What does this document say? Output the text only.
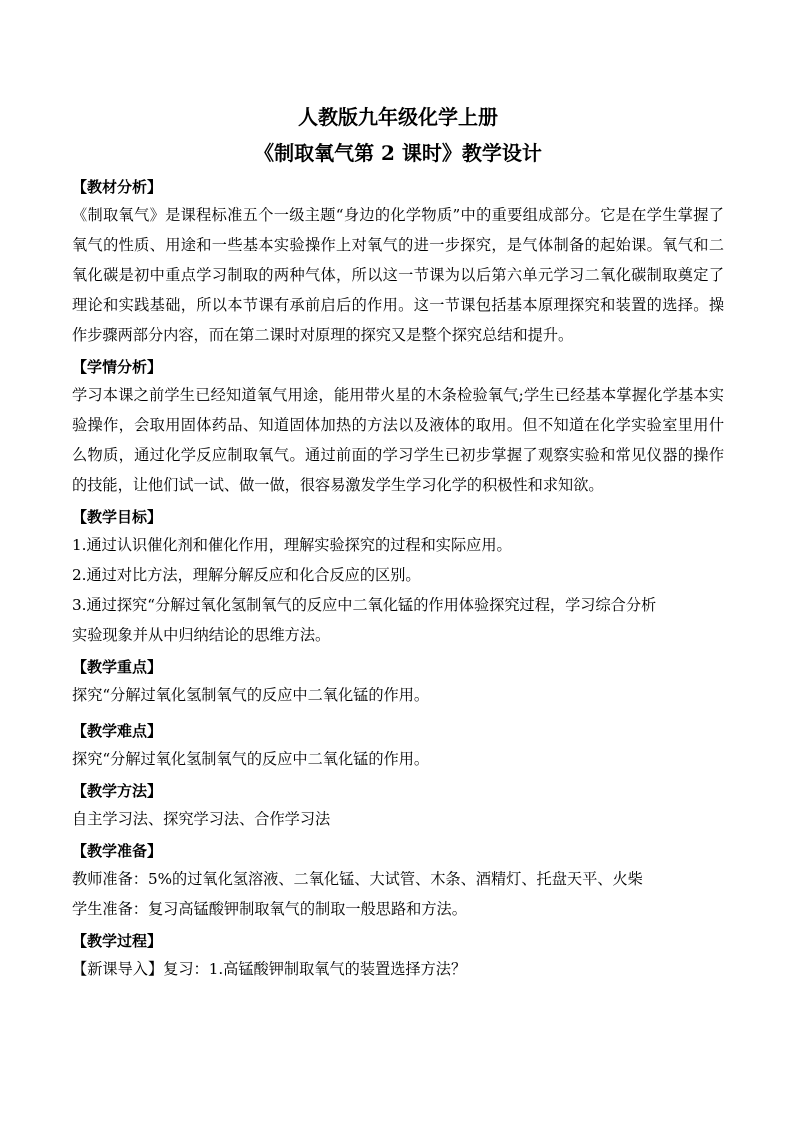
人教版九年级化学上册

《制取氧气第 2 课时》教学设计

【教材分析】

《制取氧气》是课程标准五个一级主题“身边的化学物质”中的重要组成部分。它是在学生掌握了氧气的性质、用途和一些基本实验操作上对氧气的进一步探究，是气体制备的起始课。氧气和二氧化碳是初中重点学习制取的两种气体，所以这一节课为以后第六单元学习二氧化碳制取奠定了理论和实践基础，所以本节课有承前启后的作用。这一节课包括基本原理探究和装置的选择。操作步骤两部分内容，而在第二课时对原理的探究又是整个探究总结和提升。

【学情分析】

学习本课之前学生已经知道氧气用途，能用带火星的木条检验氧气;学生已经基本掌握化学基本实验操作，会取用固体药品、知道固体加热的方法以及液体的取用。但不知道在化学实验室里用什么物质，通过化学反应制取氧气。通过前面的学习学生已初步掌握了观察实验和常见仪器的操作的技能，让他们试一试、做一做，很容易激发学生学习化学的积极性和求知欲。

【教学目标】

1.通过认识催化剂和催化作用，理解实验探究的过程和实际应用。

2.通过对比方法，理解分解反应和化合反应的区别。

3.通过探究“分解过氧化氢制氧气的反应中二氧化锰的作用体验探究过程，学习综合分析

实验现象并从中归纳结论的思维方法。

【教学重点】

探究“分解过氧化氢制氧气的反应中二氧化锰的作用。

【教学难点】

探究“分解过氧化氢制氧气的反应中二氧化锰的作用。

【教学方法】

自主学习法、探究学习法、合作学习法

【教学准备】

教师准备：5%的过氧化氢溶液、二氧化锰、大试管、木条、酒精灯、托盘天平、火柴

学生准备：复习高锰酸钾制取氧气的制取一般思路和方法。

【教学过程】

【新课导入】复习：1.高锰酸钾制取氧气的装置选择方法？
